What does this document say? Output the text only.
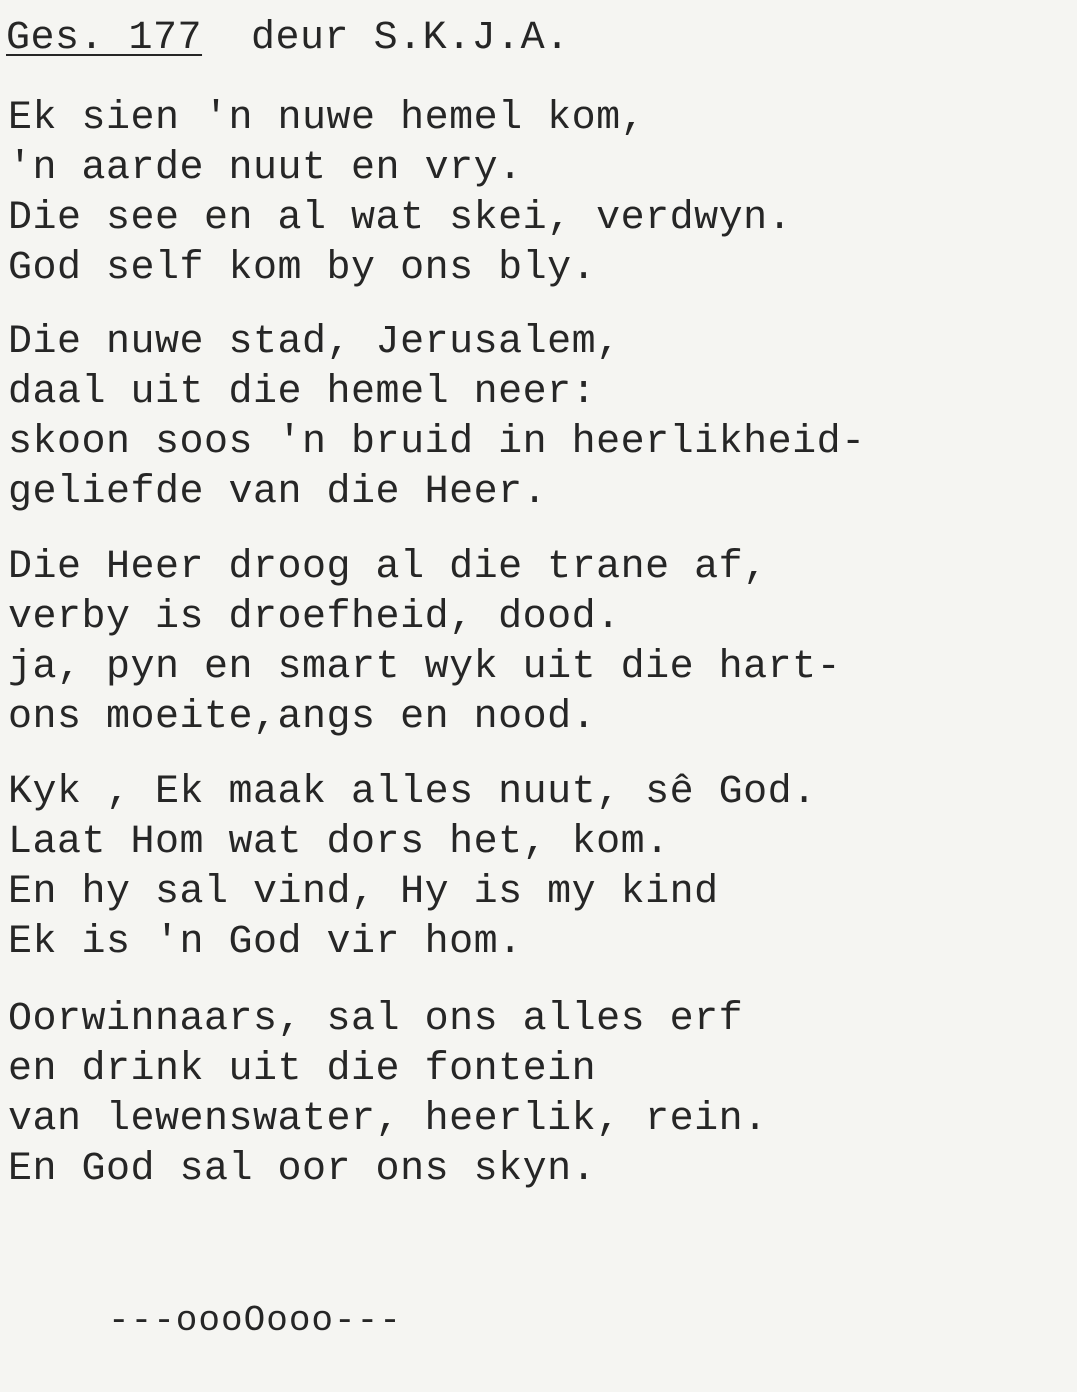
Ges. 177 deur S.K.J.A.
Ek sien 'n nuwe hemel kom,
'n aarde nuut en vry.
Die see en al wat skei, verdwyn.
God self kom by ons bly.
Die nuwe stad, Jerusalem,
daal uit die hemel neer:
skoon soos 'n bruid in heerlikheid-
geliefde van die Heer.
Die Heer droog al die trane af,
verby is droefheid, dood.
ja, pyn en smart wyk uit die hart-
ons moeite,angs en nood.
Kyk , Ek maak alles nuut, sê God.
Laat Hom wat dors het, kom.
En hy sal vind, Hy is my kind
Ek is 'n God vir hom.
Oorwinnaars, sal ons alles erf
en drink uit die fontein
van lewenswater, heerlik, rein.
En God sal oor ons skyn.
---oooOooo---
